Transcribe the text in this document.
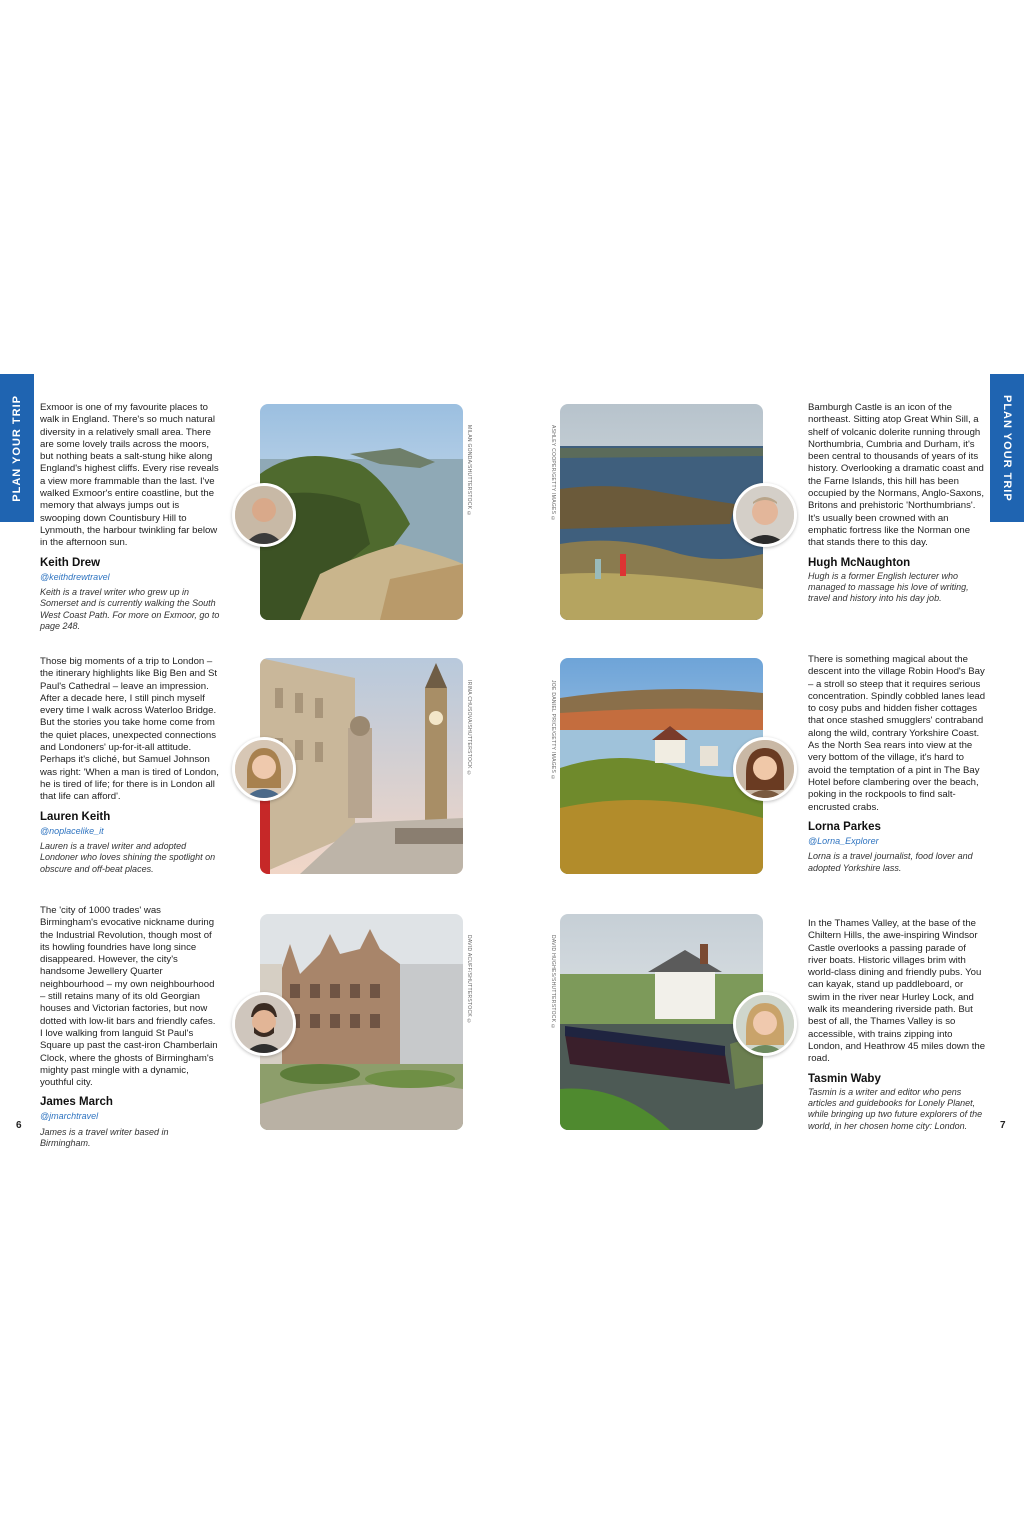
PLAN YOUR TRIP	PLAN YOUR TRIP

Exmoor is one of my favourite places to walk in England. There's so much natural diversity in a relatively small area. There are some lovely trails across the moors, but nothing beats a salt-stung hike along England's highest cliffs. Every rise reveals a view more frammable than the last. I've walked Exmoor's entire coastline, but the memory that always jumps out is swooping down Countisbury Hill to Lynmouth, the harbour twinkling far below in the afternoon sun.

Keith Drew

@keithdrewtravel

Keith is a travel writer who grew up in Somerset and is currently walking the South West Coast Path. For more on Exmoor, go to page 248.

MILAN GONDA/SHUTTERSTOCK ©

Those big moments of a trip to London – the itinerary highlights like Big Ben and St Paul's Cathedral – leave an impression. After a decade here, I still pinch myself every time I walk across Waterloo Bridge. But the stories you take home come from the quiet places, unexpected connections and Londoners' up-for-it-all attitude. Perhaps it's cliché, but Samuel Johnson was right: 'When a man is tired of London, he is tired of life; for there is in London all that life can afford'.

Lauren Keith

@noplacelike_it

Lauren is a travel writer and adopted Londoner who loves shining the spotlight on obscure and off-beat places.

IRINA CHUSOVA/SHUTTERSTOCK ©

The 'city of 1000 trades' was Birmingham's evocative nickname during the Industrial Revolution, though most of its howling foundries have long since disappeared. However, the city's handsome Jewellery Quarter neighbourhood – my own neighbourhood – still retains many of its old Georgian houses and Victorian factories, but now dotted with low-lit bars and friendly cafes. I love walking from languid St Paul's Square up past the cast-iron Chamberlain Clock, where the ghosts of Birmingham's mighty past mingle with a dynamic, youthful city.

James March

@jmarchtravel

James is a travel writer based in Birmingham.

DAVID ACUFF/SHUTTERSTOCK ©
ASHLEY COOPER/GETTY IMAGES ©

Bamburgh Castle is an icon of the northeast. Sitting atop Great Whin Sill, a shelf of volcanic dolerite running through Northumbria, Cumbria and Durham, it's been central to thousands of years of its history. Overlooking a dramatic coast and the Farne Islands, this hill has been occupied by the Normans, Anglo-Saxons, Britons and prehistoric 'Northumbrians'. It's usually been crowned with an emphatic fortress like the Norman one that stands there to this day.

Hugh McNaughton

Hugh is a former English lecturer who managed to massage his love of writing, travel and history into his day job.

JOE DANIEL PRICE/GETTY IMAGES ©

There is something magical about the descent into the village Robin Hood's Bay – a stroll so steep that it requires serious concentration. Spindly cobbled lanes lead to cosy pubs and hidden fisher cottages that once stashed smugglers' contraband along the wild, contrary Yorkshire Coast. As the North Sea rears into view at the very bottom of the village, it's hard to avoid the temptation of a pint in The Bay Hotel before clambering over the beach, poking in the rockpools to find salt-encrusted crabs.

Lorna Parkes

@Lorna_Explorer

Lorna is a travel journalist, food lover and adopted Yorkshire lass.

DAVID HUGHES/SHUTTERSTOCK ©

In the Thames Valley, at the base of the Chiltern Hills, the awe-inspiring Windsor Castle overlooks a passing parade of river boats. Historic villages brim with world-class dining and friendly pubs. You can kayak, stand up paddleboard, or swim in the river near Hurley Lock, and walk its meandering riverside path. But best of all, the Thames Valley is so accessible, with trains zipping into London, and Heathrow 45 miles down the road.

Tasmin Waby

Tasmin is a writer and editor who pens articles and guidebooks for Lonely Planet, while bringing up two future explorers of the world, in her chosen home city: London.

6	7
